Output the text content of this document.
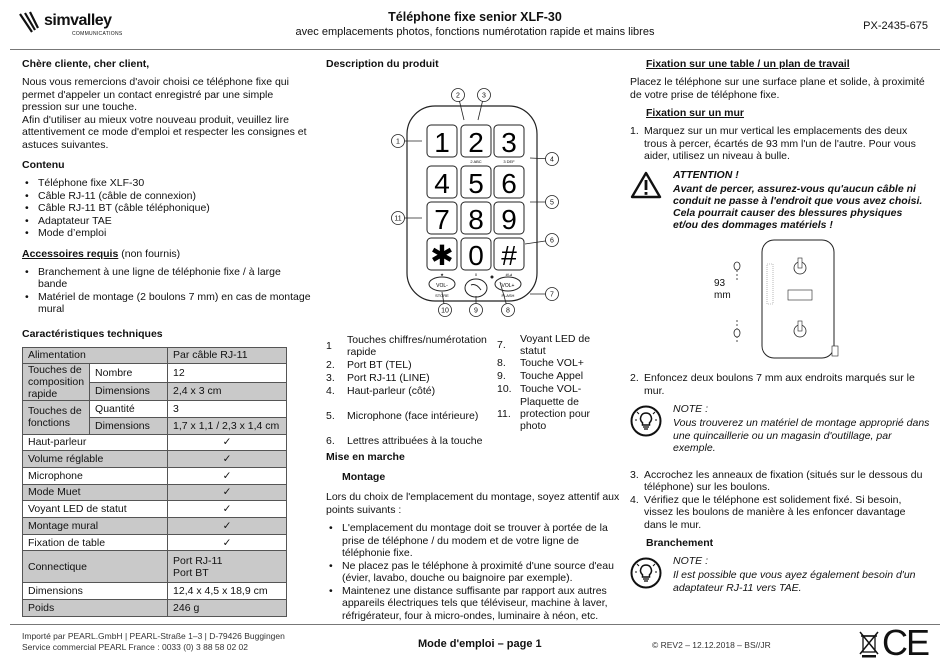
simvalley
COMMUNICATIONS
Téléphone fixe senior XLF-30
avec emplacements photos, fonctions numérotation rapide et mains libres	PX-2435-675
Chère cliente, cher client,

Nous vous remercions d'avoir choisi ce téléphone fixe qui permet d'appeler un contact enregistré par une simple pression sur une touche.

Afin d'utiliser au mieux votre nouveau produit, veuillez lire attentivement ce mode d'emploi et respecter les consignes et astuces suivantes.

Contenu
• Téléphone fixe XLF-30
• Câble RJ-11 (câble de connexion)
• Câble RJ-11 BT (câble téléphonique)
• Adaptateur TAE
• Mode d’emploi
Accessoires requis (non fournis)
• Branchement à une ligne de téléphonie fixe / à large bande
• Matériel de montage (2 boulons 7 mm) en cas de montage mural
Caractéristiques techniques
Alimentation		Par câble RJ-11
Touches de composition rapide	Nombre	12
	Dimensions	2,4 x 3 cm
Touches de fonctions	Quantité	3
	Dimensions	1,7 x 1,1 / 2,3 x 1,4 cm
Haut-parleur		✓
Volume réglable		✓
Microphone		✓
Mode Muet		✓
Voyant LED de statut		✓
Montage mural		✓
Fixation de table		✓
Connectique		Port RJ-11
Port BT

Dimensions		12,4 x 4,5 x 18,9 cm
Poids		246 g
Description du produit
1 2
2 ABC
3
3 DEF
4 5 6
7 8 9
✱
★
0
0
#
#/⊿
VOL-	VOL+
STORE	FLASH
1
2	3
4
5
6
7
11
10	9	8
1	Touches chiffres/numérotation rapide
2.	Port BT (TEL)
3.	Port RJ-11 (LINE)
4.	Haut-parleur (côté)
5.	Microphone (face intérieure)
6.	Lettres attribuées à la touche
7.	Voyant LED de statut
8.	Touche VOL+
9.	Touche Appel
10. Touche VOL-
11.
Plaquette de protection pour photo
Mise en marche
Montage

Lors du choix de l'emplacement du montage, soyez attentif aux points suivants :

• L'emplacement du montage doit se trouver à portée de la prise de téléphone / du modem et de votre ligne de téléphonie fixe.
• Ne placez pas le téléphone à proximité d'une source d'eau (évier, lavabo, douche ou baignoire par exemple).
• Maintenez une distance suffisante par rapport aux autres appareils électriques tels que téléviseur, machine à laver, réfrigérateur, four à micro-ondes, luminaire à néon, etc.
Fixation sur une table / un plan de travail

Placez le téléphone sur une surface plane et solide, à proximité de votre prise de téléphone fixe.

Fixation sur un mur
1. Marquez sur un mur vertical les emplacements des deux trous à percer, écartés de 93 mm l'un de l'autre. Pour vous aider, utilisez un niveau à bulle.
ATTENTION !
Avant de percer, assurez-vous qu'aucun câble ni conduit ne passe à l'endroit que vous avez choisi. Cela pourrait causer des blessures physiques et/ou des dommages matériels !
93 mm
2. Enfoncez deux boulons 7 mm aux endroits marqués sur le mur.
NOTE :
Vous trouverez un matériel de montage approprié dans une quincaillerie ou un magasin d'outillage, par exemple.
3. Accrochez les anneaux de fixation (situés sur le dessous du téléphone) sur les boulons.
4. Vérifiez que le téléphone est solidement fixé. Si besoin, vissez les boulons de manière à les enfoncer davantage dans le mur.
Branchement
NOTE :
Il est possible que vous ayez également besoin d'un adaptateur RJ-11 vers TAE.
Importé par PEARL.GmbH | PEARL-Straße 1–3 | D-79426 Buggingen
Service commercial PEARL France : 0033 (0) 3 88 58 02 02	Mode d'emploi – page 1	© REV2 – 12.12.2018 – BS//JR	CE
